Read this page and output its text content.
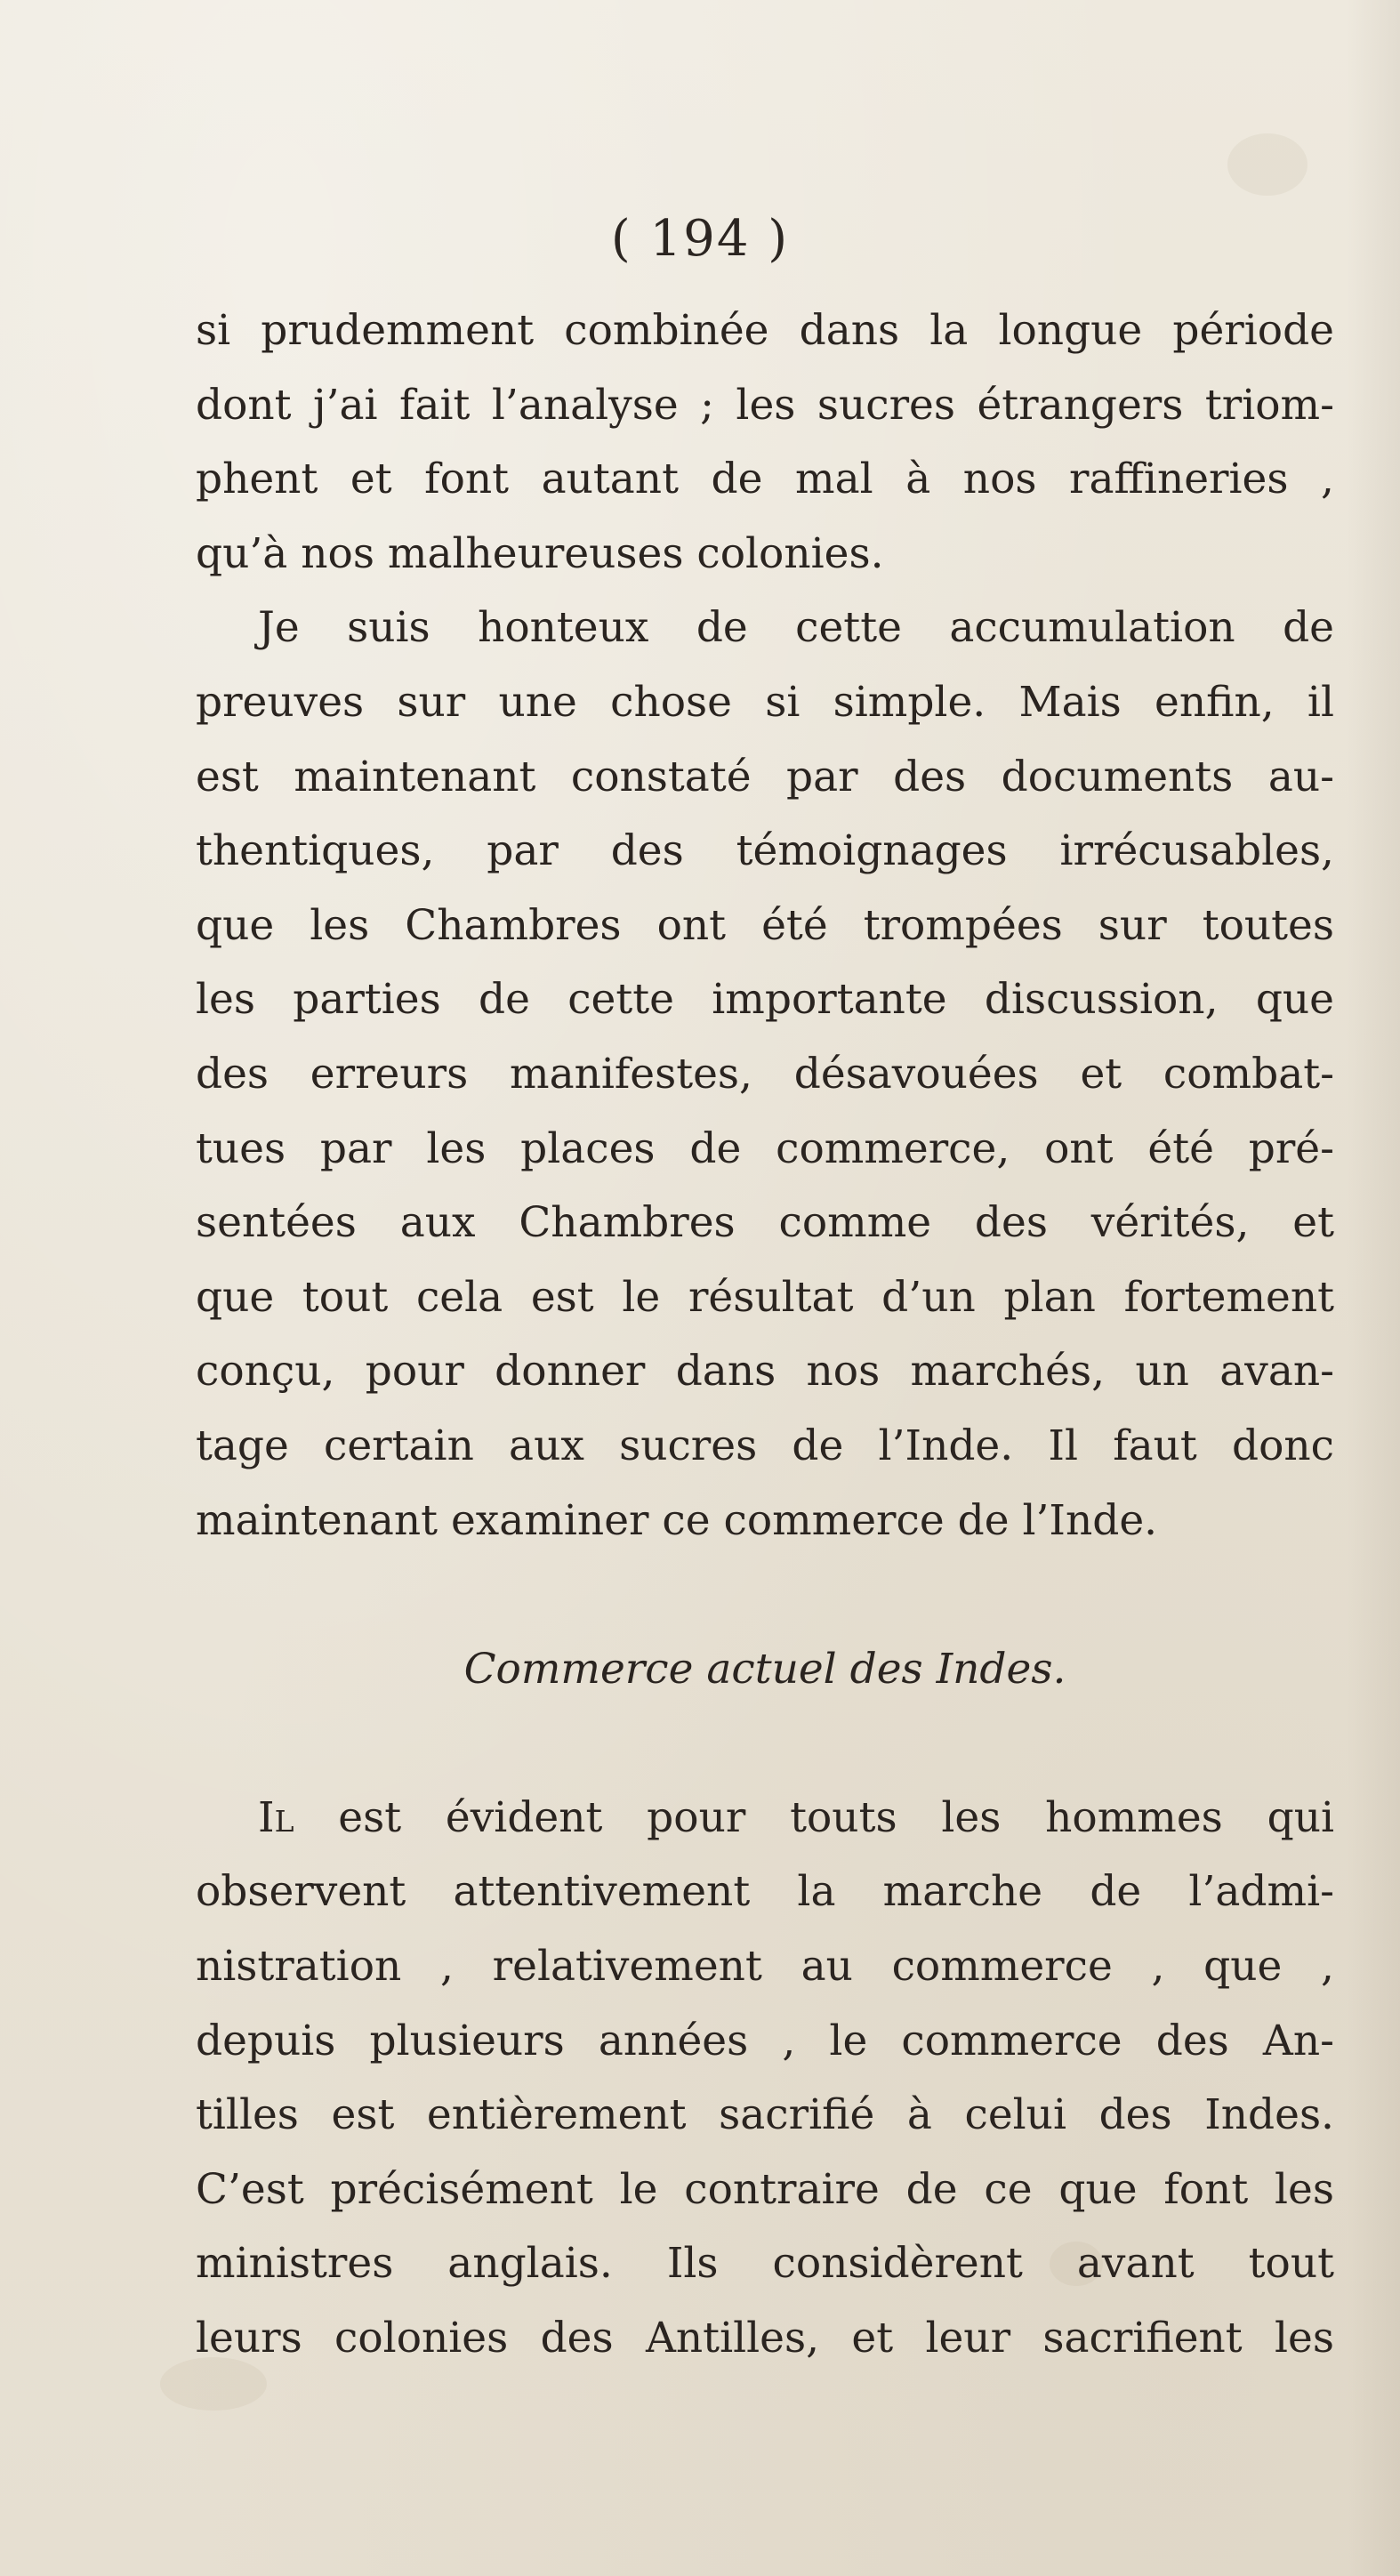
( 194 )
si prudemment combinée dans la longue période
dont j’ai fait l’analyse ; les sucres étrangers triom-
phent et font autant de mal à nos raffineries ,
qu’à nos malheureuses colonies.
Je suis honteux de cette accumulation de
preuves sur une chose si simple. Mais enfin, il
est maintenant constaté par des documents au-
thentiques, par des témoignages irrécusables,
que les Chambres ont été trompées sur toutes
les parties de cette importante discussion, que
des erreurs manifestes, désavouées et combat-
tues par les places de commerce, ont été pré-
sentées aux Chambres comme des vérités, et
que tout cela est le résultat d’un plan fortement
conçu, pour donner dans nos marchés, un avan-
tage certain aux sucres de l’Inde. Il faut donc
maintenant examiner ce commerce de l’Inde.
Commerce actuel des Indes.
Il est évident pour touts les hommes qui
observent attentivement la marche de l’admi-
nistration , relativement au commerce , que ,
depuis plusieurs années , le commerce des An-
tilles est entièrement sacrifié à celui des Indes.
C’est précisément le contraire de ce que font les
ministres anglais. Ils considèrent avant tout
leurs colonies des Antilles, et leur sacrifient les
